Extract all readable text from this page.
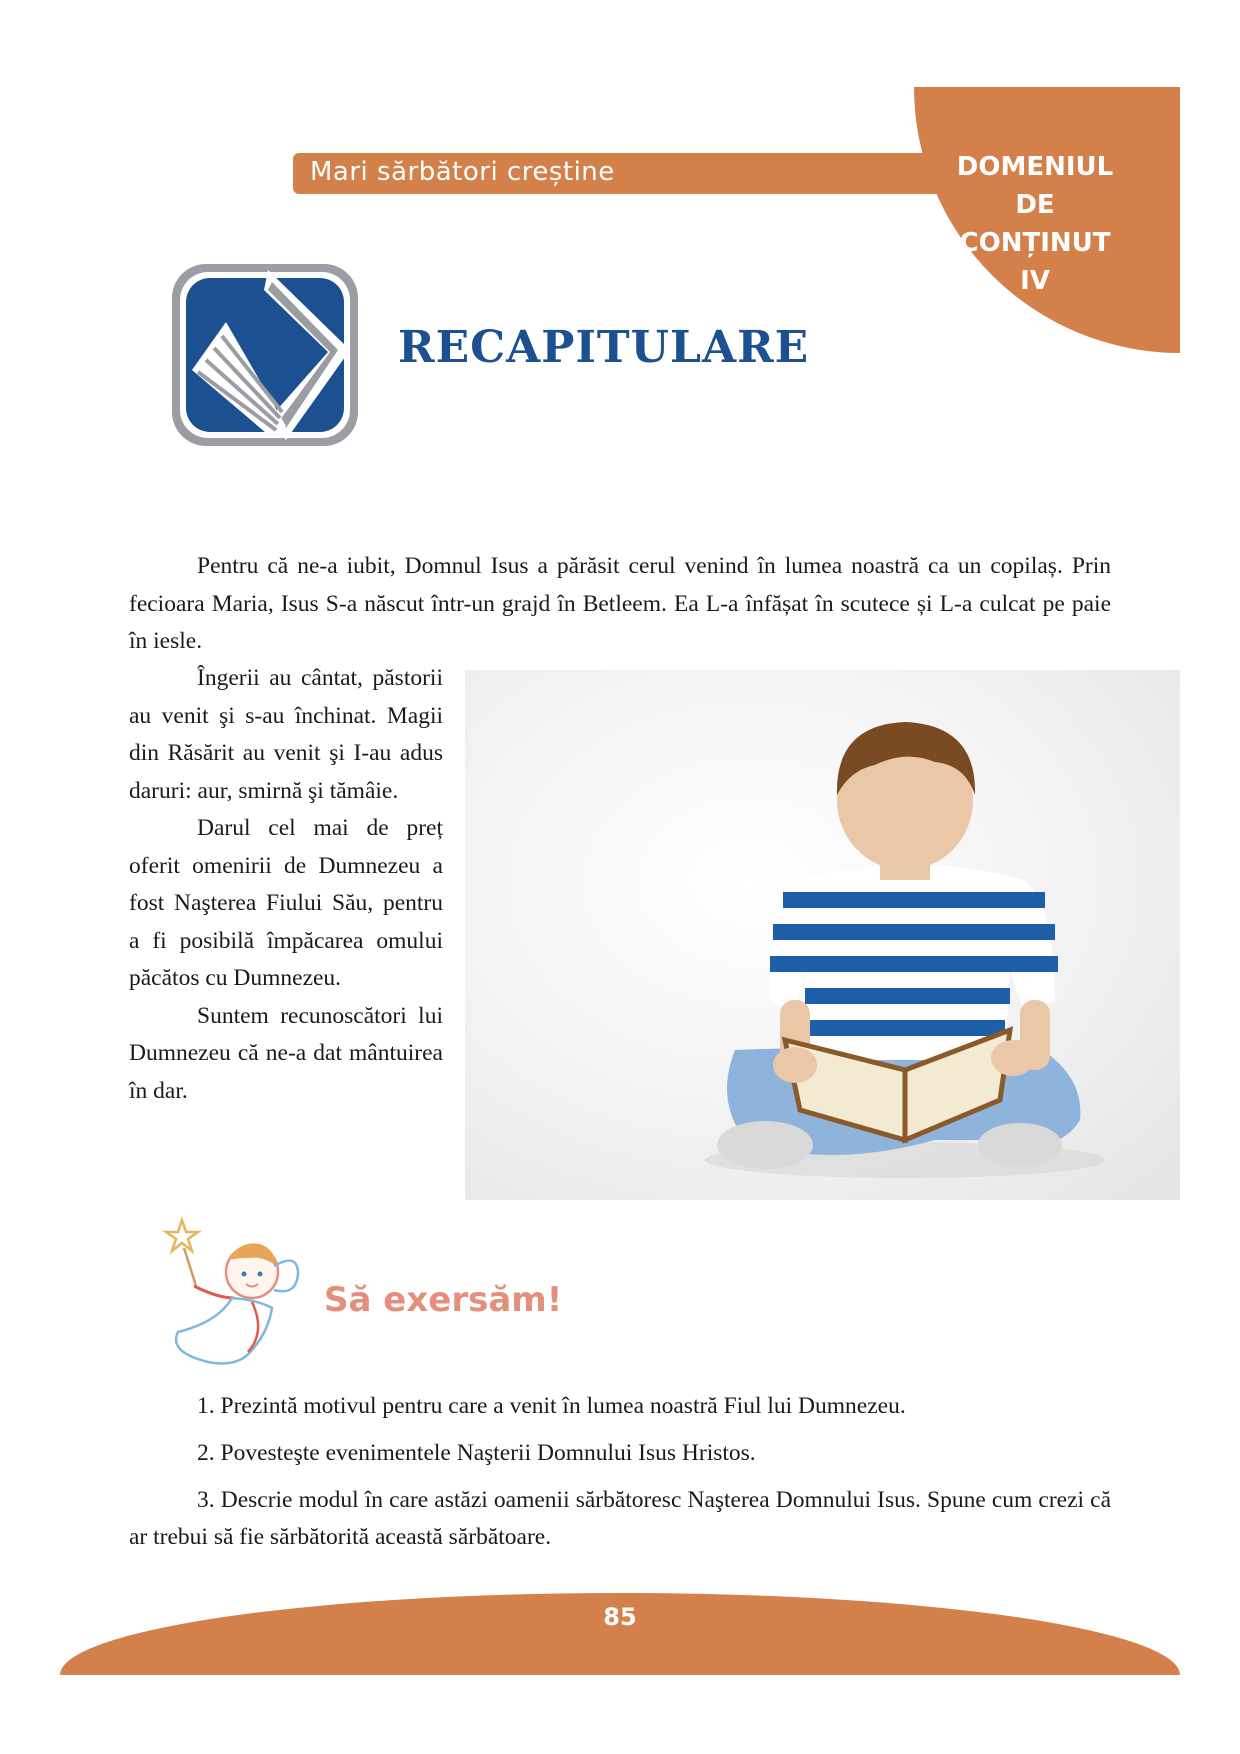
Mari sărbători creștine	DOMENIUL
DE
CONȚINUT
IV
RECAPITULARE

Pentru că ne-a iubit, Domnul Isus a părăsit cerul venind în lumea noastră ca un copilaș. Prin fecioara Maria, Isus S-a născut într-un grajd în Betleem. Ea L-a înfășat în scutece și L-a culcat pe paie în iesle.

Îngerii au cântat, păstorii au venit şi s-au închinat. Magii din Răsărit au venit şi I-au adus daruri: aur, smirnă şi tămâie.

Darul cel mai de preț oferit omenirii de Dumnezeu a fost Naşterea Fiului Său, pentru a fi posibilă împăcarea omului păcătos cu Dumnezeu.

Suntem recunoscători lui Dumnezeu că ne-a dat mântuirea în dar.

Să exersăm!

1. Prezintă motivul pentru care a venit în lumea noastră Fiul lui Dumnezeu.

2. Povesteşte evenimentele Naşterii Domnului Isus Hristos.

3. Descrie modul în care astăzi oamenii sărbătoresc Naşterea Domnului Isus. Spune cum crezi că ar trebui să fie sărbătorită această sărbătoare.

85
